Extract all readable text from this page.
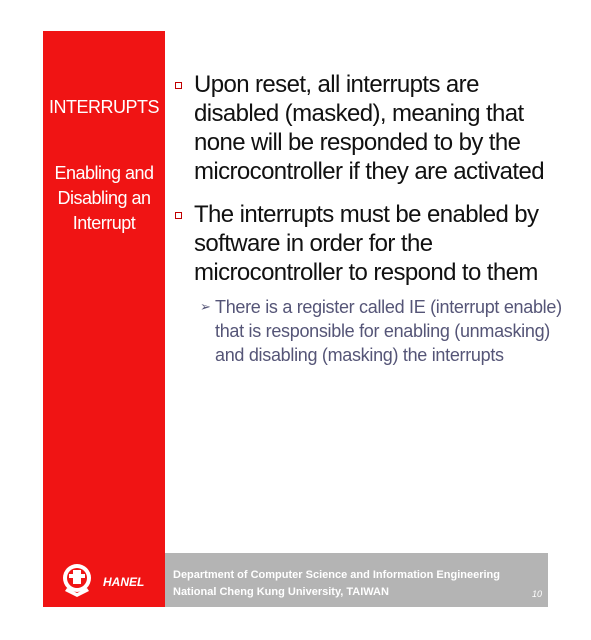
INTERRUPTS
Enabling and
Disabling an
Interrupt
Upon reset, all interrupts are disabled (masked), meaning that none will be responded to by the microcontroller if they are activated
The interrupts must be enabled by software in order for the microcontroller to respond to them
➢ There is a register called IE (interrupt enable) that is responsible for enabling (unmasking) and disabling (masking) the interrupts
HANEL	Department of Computer Science and Information Engineering
National Cheng Kung University, TAIWAN	10
